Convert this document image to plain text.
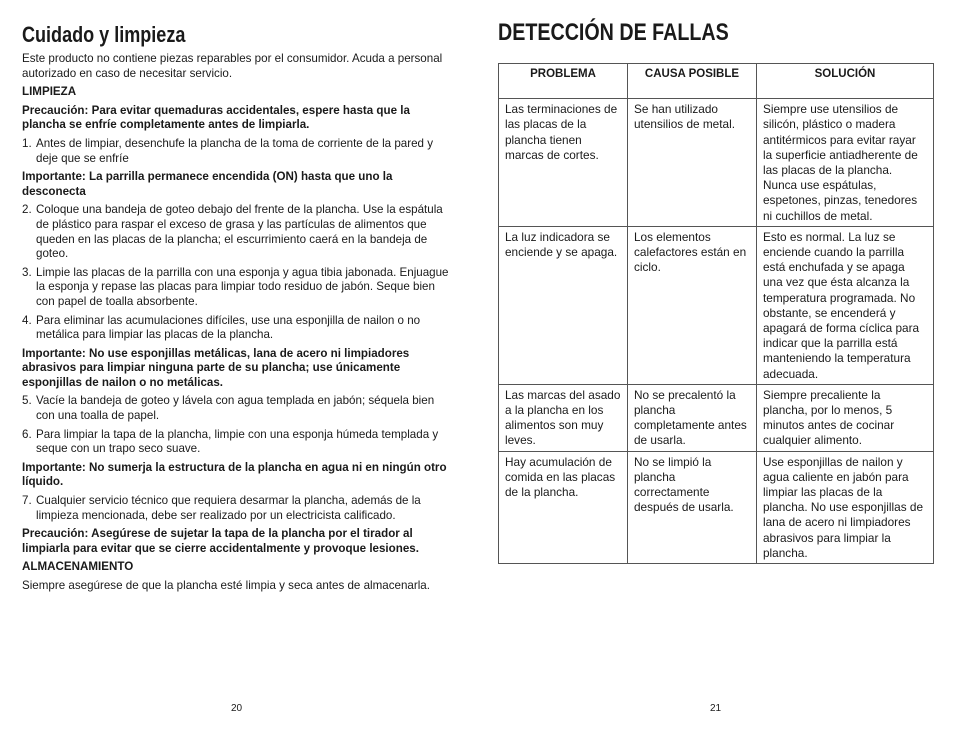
Cuidado y limpieza

Este producto no contiene piezas reparables por el consumidor. Acuda a personal autorizado en caso de necesitar servicio.

LIMPIEZA

Precaución: Para evitar quemaduras accidentales, espere hasta que la plancha se enfríe completamente antes de limpiarla.

1. Antes de limpiar, desenchufe la plancha de la toma de corriente de la pared y deje que se enfríe

Importante: La parrilla permanece encendida (ON) hasta que uno la desconecta

2. Coloque una bandeja de goteo debajo del frente de la plancha. Use la espátula de plástico para raspar el exceso de grasa y las partículas de alimentos que queden en las placas de la plancha; el escurrimiento caerá en la bandeja de goteo.
3. Limpie las placas de la parrilla con una esponja y agua tibia jabonada. Enjuague la esponja y repase las placas para limpiar todo residuo de jabón. Seque bien con papel de toalla absorbente.
4. Para eliminar las acumulaciones difíciles, use una esponjilla de nailon o no metálica para limpiar las placas de la plancha.

Importante: No use esponjillas metálicas, lana de acero ni limpiadores abrasivos para limpiar ninguna parte de su plancha; use únicamente esponjillas de nailon o no metálicas.

5. Vacíe la bandeja de goteo y lávela con agua templada en jabón; séquela bien con una toalla de papel.
6. Para limpiar la tapa de la plancha, limpie con una esponja húmeda templada y seque con un trapo seco suave.

Importante: No sumerja la estructura de la plancha en agua ni en ningún otro líquido.

7. Cualquier servicio técnico que requiera desarmar la plancha, además de la limpieza mencionada, debe ser realizado por un electricista calificado.

Precaución: Asegúrese de sujetar la tapa de la plancha por el tirador al limpiarla para evitar que se cierre accidentalmente y provoque lesiones.

ALMACENAMIENTO

Siempre asegúrese de que la plancha esté limpia y seca antes de almacenarla.

20
DETECCIÓN DE FALLAS
PROBLEMA	CAUSA POSIBLE	SOLUCIÓN
Las terminaciones de las placas de la plancha tienen marcas de cortes.	Se han utilizado utensilios de metal.	Siempre use utensilios de silicón, plástico o madera antitérmicos para evitar rayar la superficie antiadherente de las placas de la plancha. Nunca use espátulas, espetones, pinzas, tenedores ni cuchillos de metal.
La luz indicadora se enciende y se apaga.	Los elementos calefactores están en ciclo.	Esto es normal. La luz se enciende cuando la parrilla está enchufada y se apaga una vez que ésta alcanza la temperatura programada. No obstante, se encenderá y apagará de forma cíclica para indicar que la parrilla está manteniendo la temperatura adecuada.
Las marcas del asado a la plancha en los alimentos son muy leves.	No se precalentó la plancha completamente antes de usarla.	Siempre precaliente la plancha, por lo menos, 5 minutos antes de cocinar cualquier alimento.
Hay acumulación de comida en las placas de la plancha.	No se limpió la plancha correctamente después de usarla.	Use esponjillas de nailon y agua caliente en jabón para limpiar las placas de la plancha. No use esponjillas de lana de acero ni limpiadores abrasivos para limpiar la plancha.
21
